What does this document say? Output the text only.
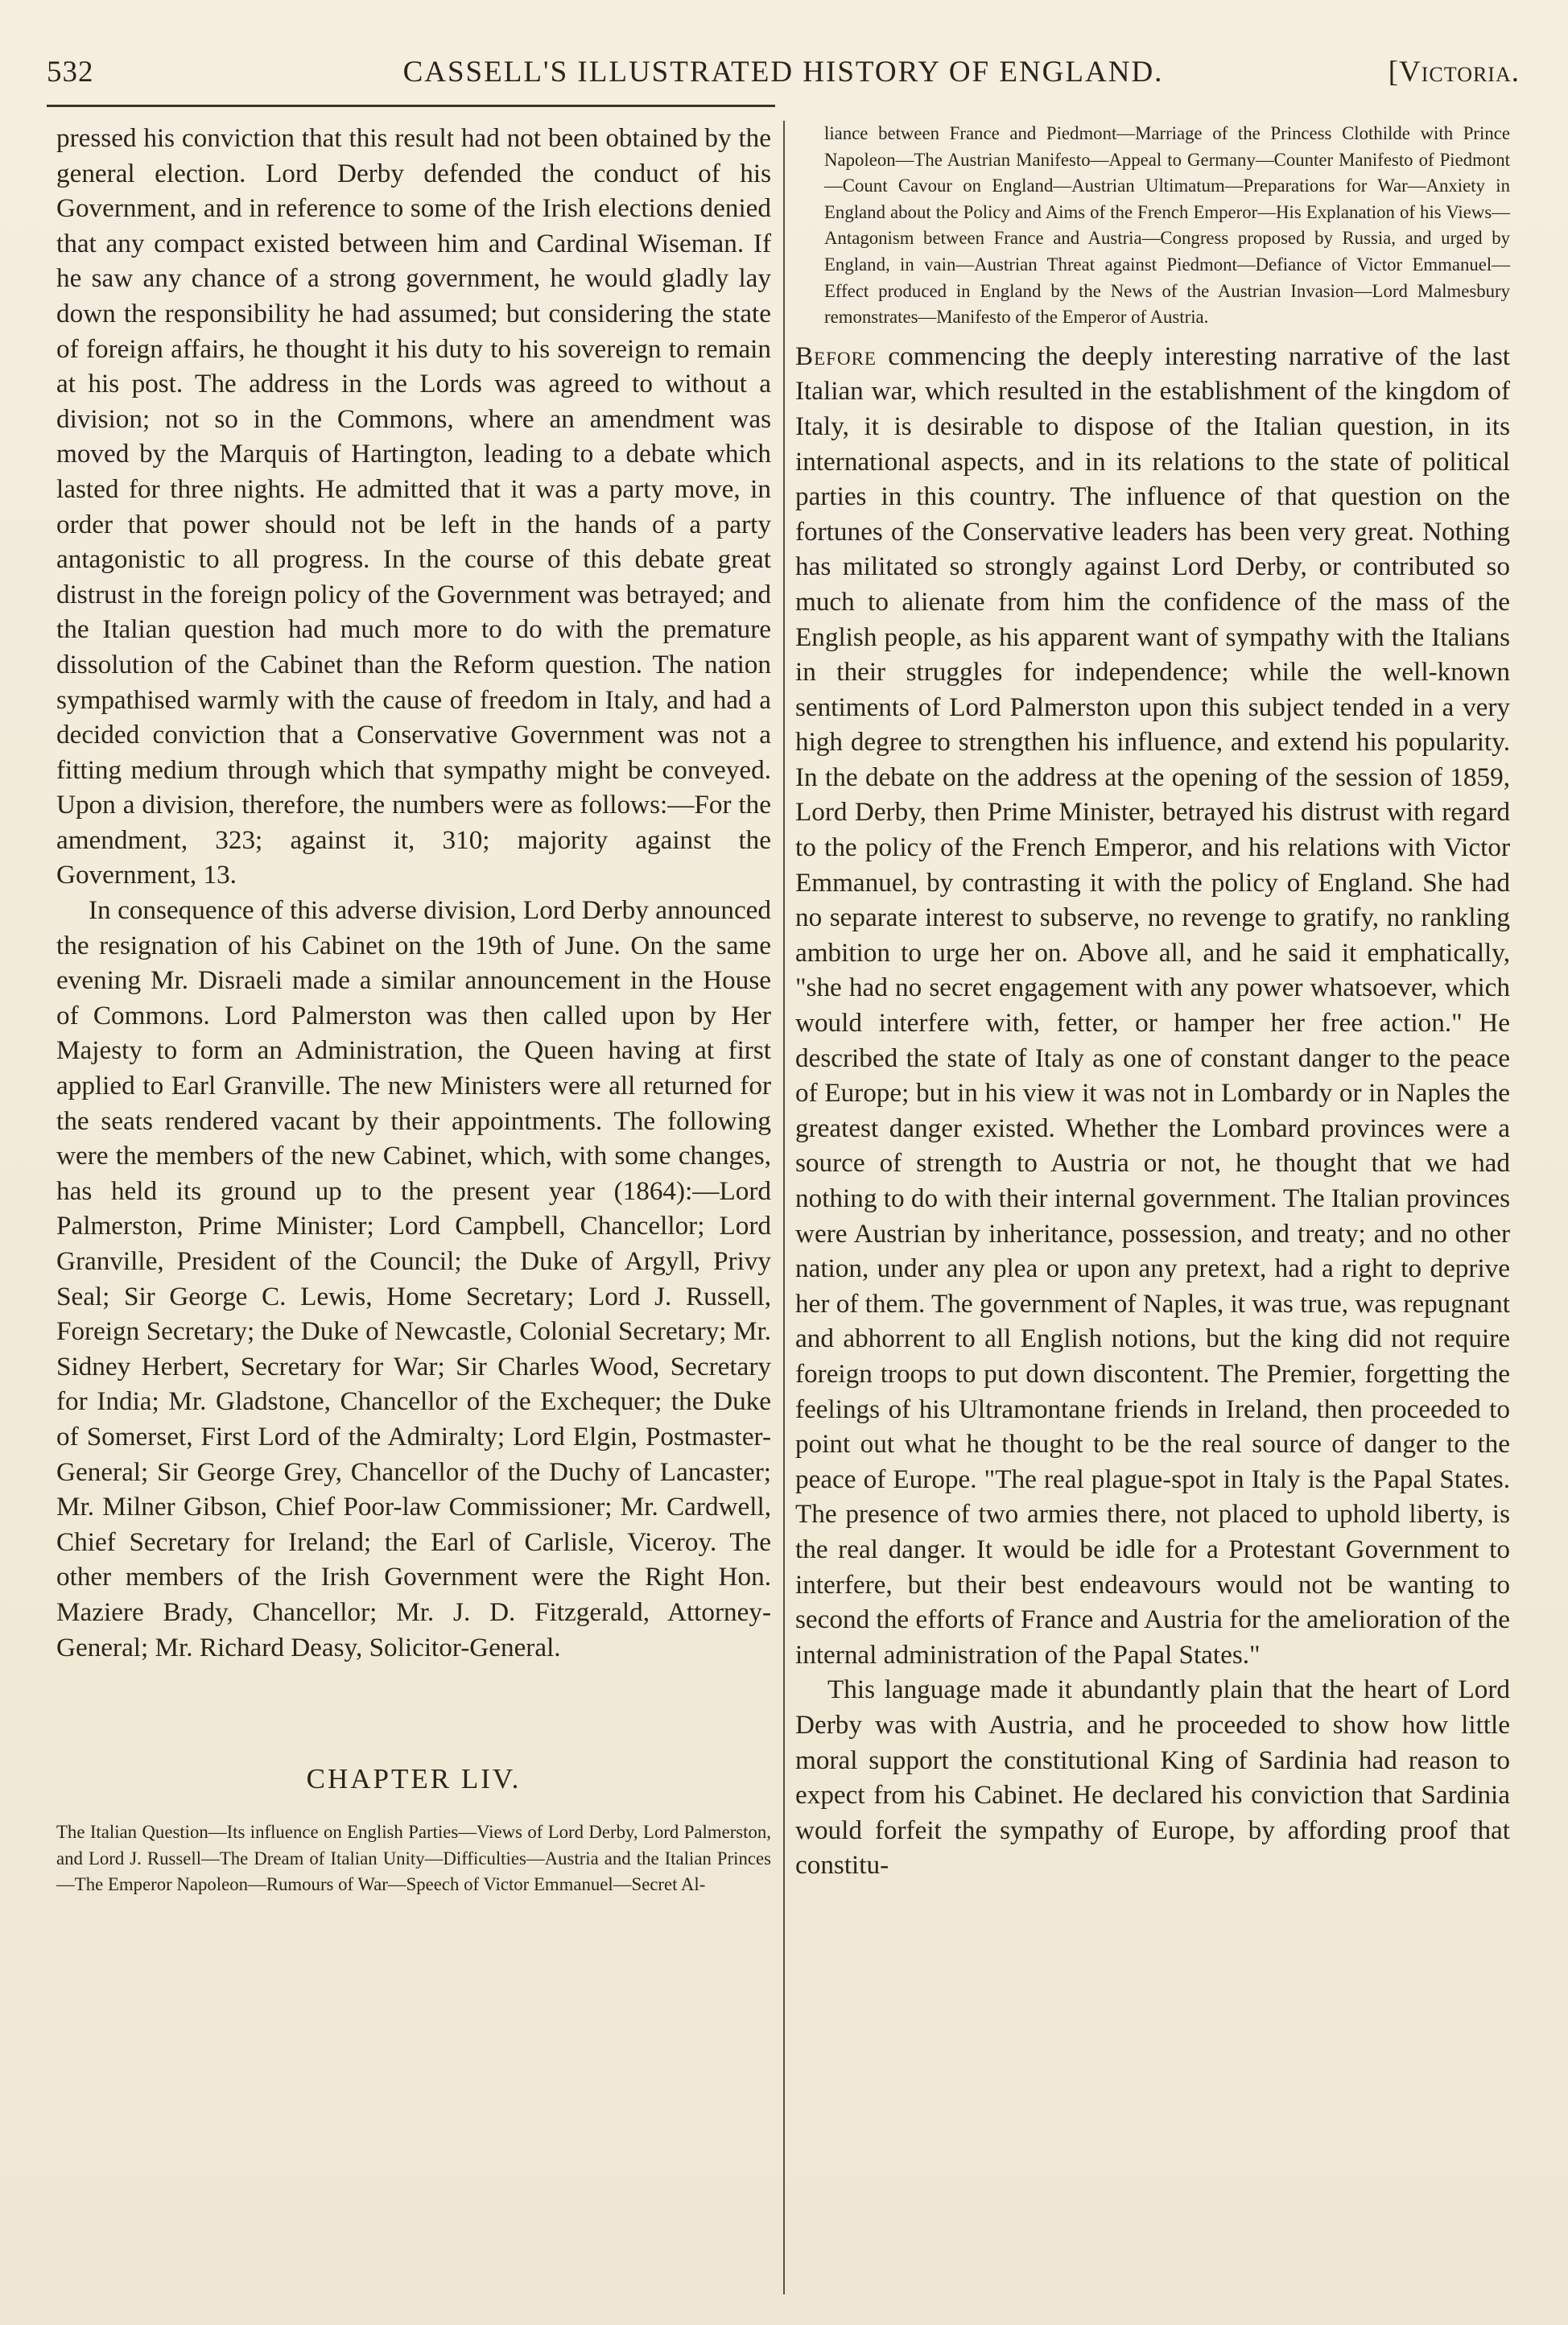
532	CASSELL'S ILLUSTRATED HISTORY OF ENGLAND.	[Victoria.

pressed his conviction that this result had not been obtained by the general election. Lord Derby defended the conduct of his Government, and in reference to some of the Irish elections denied that any compact existed between him and Cardinal Wiseman. If he saw any chance of a strong government, he would gladly lay down the responsibility he had assumed; but considering the state of foreign affairs, he thought it his duty to his sovereign to remain at his post. The address in the Lords was agreed to without a division; not so in the Commons, where an amendment was moved by the Marquis of Hartington, leading to a debate which lasted for three nights. He admitted that it was a party move, in order that power should not be left in the hands of a party antagonistic to all progress. In the course of this debate great distrust in the foreign policy of the Government was betrayed; and the Italian question had much more to do with the premature dissolution of the Cabinet than the Reform question. The nation sympathised warmly with the cause of freedom in Italy, and had a decided conviction that a Conservative Government was not a fitting medium through which that sympathy might be conveyed. Upon a division, therefore, the numbers were as follows:—For the amendment, 323; against it, 310; majority against the Government, 13.

In consequence of this adverse division, Lord Derby announced the resignation of his Cabinet on the 19th of June. On the same evening Mr. Disraeli made a similar announcement in the House of Commons. Lord Palmerston was then called upon by Her Majesty to form an Administration, the Queen having at first applied to Earl Granville. The new Ministers were all returned for the seats rendered vacant by their appointments. The following were the members of the new Cabinet, which, with some changes, has held its ground up to the present year (1864):—Lord Palmerston, Prime Minister; Lord Campbell, Chancellor; Lord Granville, President of the Council; the Duke of Argyll, Privy Seal; Sir George C. Lewis, Home Secretary; Lord J. Russell, Foreign Secretary; the Duke of Newcastle, Colonial Secretary; Mr. Sidney Herbert, Secretary for War; Sir Charles Wood, Secretary for India; Mr. Gladstone, Chancellor of the Exchequer; the Duke of Somerset, First Lord of the Admiralty; Lord Elgin, Postmaster-General; Sir George Grey, Chancellor of the Duchy of Lancaster; Mr. Milner Gibson, Chief Poor-law Commissioner; Mr. Cardwell, Chief Secretary for Ireland; the Earl of Carlisle, Viceroy. The other members of the Irish Government were the Right Hon. Maziere Brady, Chancellor; Mr. J. D. Fitzgerald, Attorney-General; Mr. Richard Deasy, Solicitor-General.

CHAPTER LIV.

The Italian Question—Its influence on English Parties—Views of Lord Derby, Lord Palmerston, and Lord J. Russell—The Dream of Italian Unity—Difficulties—Austria and the Italian Princes—The Emperor Napoleon—Rumours of War—Speech of Victor Emmanuel—Secret Al-

liance between France and Piedmont—Marriage of the Princess Clothilde with Prince Napoleon—The Austrian Manifesto—Appeal to Germany—Counter Manifesto of Piedmont—Count Cavour on England—Austrian Ultimatum—Preparations for War—Anxiety in England about the Policy and Aims of the French Emperor—His Explanation of his Views—Antagonism between France and Austria—Congress proposed by Russia, and urged by England, in vain—Austrian Threat against Piedmont—Defiance of Victor Emmanuel—Effect produced in England by the News of the Austrian Invasion—Lord Malmesbury remonstrates—Manifesto of the Emperor of Austria.

Before commencing the deeply interesting narrative of the last Italian war, which resulted in the establishment of the kingdom of Italy, it is desirable to dispose of the Italian question, in its international aspects, and in its relations to the state of political parties in this country. The influence of that question on the fortunes of the Conservative leaders has been very great. Nothing has militated so strongly against Lord Derby, or contributed so much to alienate from him the confidence of the mass of the English people, as his apparent want of sympathy with the Italians in their struggles for independence; while the well-known sentiments of Lord Palmerston upon this subject tended in a very high degree to strengthen his influence, and extend his popularity. In the debate on the address at the opening of the session of 1859, Lord Derby, then Prime Minister, betrayed his distrust with regard to the policy of the French Emperor, and his relations with Victor Emmanuel, by contrasting it with the policy of England. She had no separate interest to subserve, no revenge to gratify, no rankling ambition to urge her on. Above all, and he said it emphatically, "she had no secret engagement with any power whatsoever, which would interfere with, fetter, or hamper her free action." He described the state of Italy as one of constant danger to the peace of Europe; but in his view it was not in Lombardy or in Naples the greatest danger existed. Whether the Lombard provinces were a source of strength to Austria or not, he thought that we had nothing to do with their internal government. The Italian provinces were Austrian by inheritance, possession, and treaty; and no other nation, under any plea or upon any pretext, had a right to deprive her of them. The government of Naples, it was true, was repugnant and abhorrent to all English notions, but the king did not require foreign troops to put down discontent. The Premier, forgetting the feelings of his Ultramontane friends in Ireland, then proceeded to point out what he thought to be the real source of danger to the peace of Europe. "The real plague-spot in Italy is the Papal States. The presence of two armies there, not placed to uphold liberty, is the real danger. It would be idle for a Protestant Government to interfere, but their best endeavours would not be wanting to second the efforts of France and Austria for the amelioration of the internal administration of the Papal States."

This language made it abundantly plain that the heart of Lord Derby was with Austria, and he proceeded to show how little moral support the constitutional King of Sardinia had reason to expect from his Cabinet. He declared his conviction that Sardinia would forfeit the sympathy of Europe, by affording proof that constitu-
